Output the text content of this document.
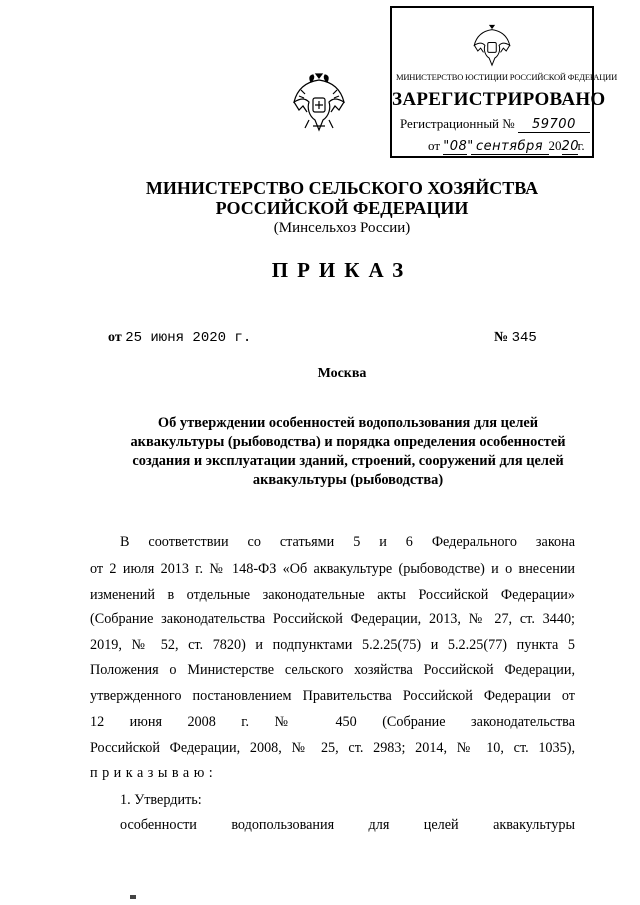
МИНИСТЕРСТВО ЮСТИЦИИ РОССИЙСКОЙ ФЕДЕРАЦИИ
ЗАРЕГИСТРИРОВАНО
Регистрационный № 59700
от "08" сентября 2020г.
МИНИСТЕРСТВО СЕЛЬСКОГО ХОЗЯЙСТВА
РОССИЙСКОЙ ФЕДЕРАЦИИ
(Минсельхоз России)
ПРИКАЗ
от 25 июня 2020 г.	№ 345
Москва
Об утверждении особенностей водопользования для целей
аквакультуры (рыбоводства) и порядка определения особенностей
создания и эксплуатации зданий, строений, сооружений для целей
аквакультуры (рыбоводства)
В соответствии со статьями 5 и 6 Федерального закона
от 2 июля 2013 г. № 148-ФЗ «Об аквакультуре (рыбоводстве) и о внесении
изменений в отдельные законодательные акты Российской Федерации»
(Собрание законодательства Российской Федерации, 2013, № 27, ст. 3440;
2019, № 52, ст. 7820) и подпунктами 5.2.25(75) и 5.2.25(77) пункта 5
Положения о Министерстве сельского хозяйства Российской Федерации,
утвержденного постановлением Правительства Российской Федерации от
12 июня 2008 г. № 450 (Собрание законодательства
Российской Федерации, 2008, № 25, ст. 2983; 2014, № 10, ст. 1035),
приказываю:
1. Утвердить:
особенности водопользования для целей аквакультуры
